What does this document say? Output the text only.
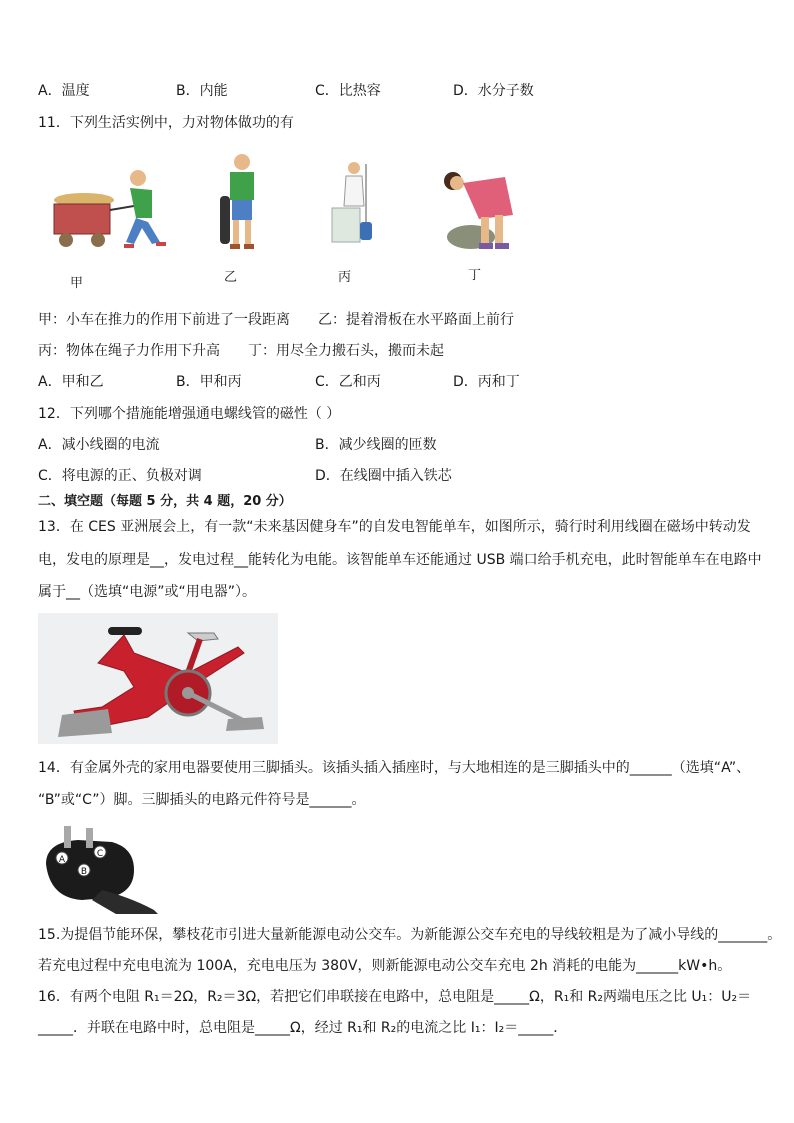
A．温度	B．内能	C．比热容	D．水分子数
11．下列生活实例中，力对物体做功的有
甲	乙	丙	丁
甲：小车在推力的作用下前进了一段距离　　乙：提着滑板在水平路面上前行
丙：物体在绳子力作用下升高　　丁：用尽全力搬石头，搬而未起
A．甲和乙	B．甲和丙	C．乙和丙	D．丙和丁
12．下列哪个措施能增强通电螺线管的磁性（ ）
A．减小线圈的电流	B．减少线圈的匝数
C．将电源的正、负极对调	D．在线圈中插入铁芯
二、填空题（每题 5 分，共 4 题，20 分）
13．在 CES 亚洲展会上，有一款“未来基因健身车”的自发电智能单车，如图所示，骑行时利用线圈在磁场中转动发
电，发电的原理是__，发电过程__能转化为电能。该智能单车还能通过 USB 端口给手机充电，此时智能单车在电路中
属于__（选填“电源”或“用电器”）。
14．有金属外壳的家用电器要使用三脚插头。该插头插入插座时，与大地相连的是三脚插头中的______（选填“A”、
“B”或“C”）脚。三脚插头的电路元件符号是______。
A
B
C
15.为提倡节能环保，攀枝花市引进大量新能源电动公交车。为新能源公交车充电的导线较粗是为了减小导线的_______。
若充电过程中充电电流为 100A，充电电压为 380V，则新能源电动公交车充电 2h 消耗的电能为______kW•h。
16．有两个电阻 R₁＝2Ω，R₂＝3Ω，若把它们串联接在电路中，总电阻是_____Ω，R₁和 R₂两端电压之比 U₁：U₂＝
_____．并联在电路中时，总电阻是_____Ω，经过 R₁和 R₂的电流之比 I₁：I₂＝_____．
